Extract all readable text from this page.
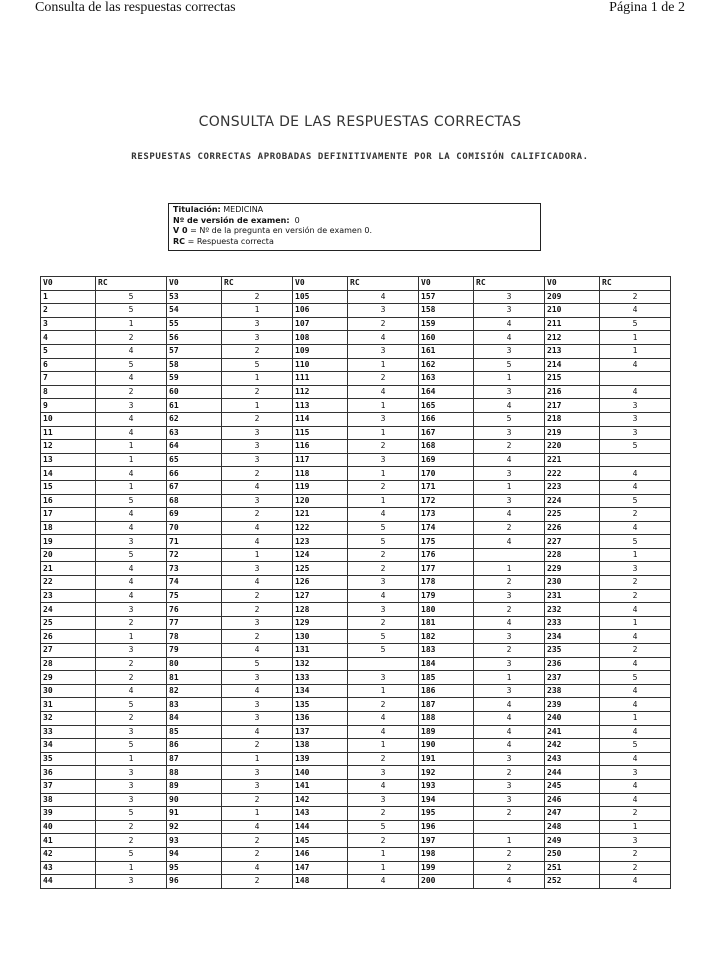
Consulta de las respuestas correctas	Página 1 de 2
CONSULTA DE LAS RESPUESTAS CORRECTAS
RESPUESTAS CORRECTAS APROBADAS DEFINITIVAMENTE POR LA COMISIÓN CALIFICADORA.
Titulación: MEDICINA
Nº de versión de examen:  0
V 0 = Nº de la pregunta en versión de examen 0.
RC = Respuesta correcta
V0	RC	V0	RC	V0	RC	V0	RC	V0	RC
1	5	53	2	105	4	157	3	209	2
2	5	54	1	106	3	158	3	210	4
3	1	55	3	107	2	159	4	211	5
4	2	56	3	108	4	160	4	212	1
5	4	57	2	109	3	161	3	213	1
6	5	58	5	110	1	162	5	214	4
7	4	59	1	111	2	163	1	215	
8	2	60	2	112	4	164	3	216	4
9	3	61	1	113	1	165	4	217	3
10	4	62	2	114	3	166	5	218	3
11	4	63	3	115	1	167	3	219	3
12	1	64	3	116	2	168	2	220	5
13	1	65	3	117	3	169	4	221	
14	4	66	2	118	1	170	3	222	4
15	1	67	4	119	2	171	1	223	4
16	5	68	3	120	1	172	3	224	5
17	4	69	2	121	4	173	4	225	2
18	4	70	4	122	5	174	2	226	4
19	3	71	4	123	5	175	4	227	5
20	5	72	1	124	2	176		228	1
21	4	73	3	125	2	177	1	229	3
22	4	74	4	126	3	178	2	230	2
23	4	75	2	127	4	179	3	231	2
24	3	76	2	128	3	180	2	232	4
25	2	77	3	129	2	181	4	233	1
26	1	78	2	130	5	182	3	234	4
27	3	79	4	131	5	183	2	235	2
28	2	80	5	132		184	3	236	4
29	2	81	3	133	3	185	1	237	5
30	4	82	4	134	1	186	3	238	4
31	5	83	3	135	2	187	4	239	4
32	2	84	3	136	4	188	4	240	1
33	3	85	4	137	4	189	4	241	4
34	5	86	2	138	1	190	4	242	5
35	1	87	1	139	2	191	3	243	4
36	3	88	3	140	3	192	2	244	3
37	3	89	3	141	4	193	3	245	4
38	3	90	2	142	3	194	3	246	4
39	5	91	1	143	2	195	2	247	2
40	2	92	4	144	5	196		248	1
41	2	93	2	145	2	197	1	249	3
42	5	94	2	146	1	198	2	250	2
43	1	95	4	147	1	199	2	251	2
44	3	96	2	148	4	200	4	252	4
